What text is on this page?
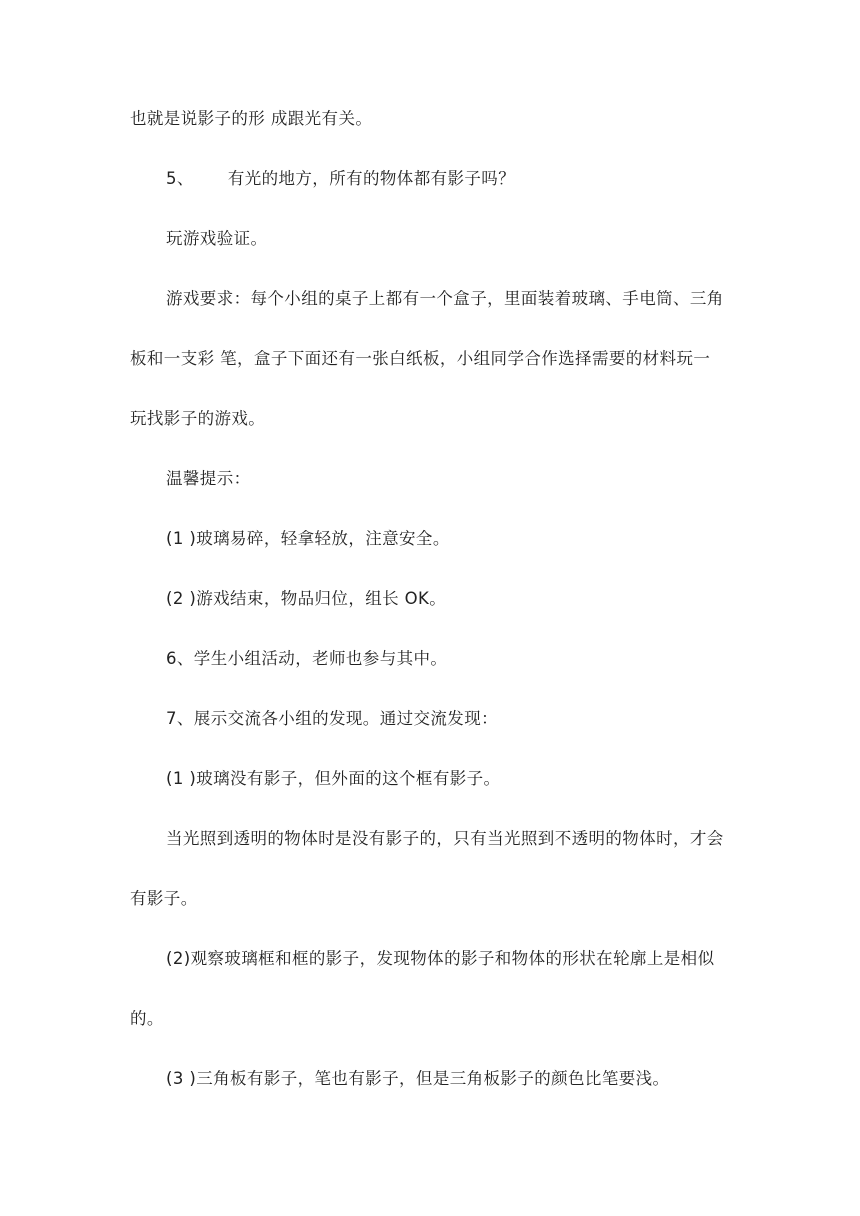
也就是说影子的形 成跟光有关。
5、 有光的地方，所有的物体都有影子吗？
玩游戏验证。
游戏要求：每个小组的桌子上都有一个盒子，里面装着玻璃、手电筒、三角
板和一支彩 笔，盒子下面还有一张白纸板，小组同学合作选择需要的材料玩一
玩找影子的游戏。
温馨提示：
(1 )玻璃易碎，轻拿轻放，注意安全。
(2 )游戏结束，物品归位，组长 OK。
6、学生小组活动，老师也参与其中。
7、展示交流各小组的发现。通过交流发现：
(1 )玻璃没有影子，但外面的这个框有影子。
当光照到透明的物体时是没有影子的，只有当光照到不透明的物体时，才会
有影子。
(2)观察玻璃框和框的影子，发现物体的影子和物体的形状在轮廓上是相似
的。
(3 )三角板有影子，笔也有影子，但是三角板影子的颜色比笔要浅。
